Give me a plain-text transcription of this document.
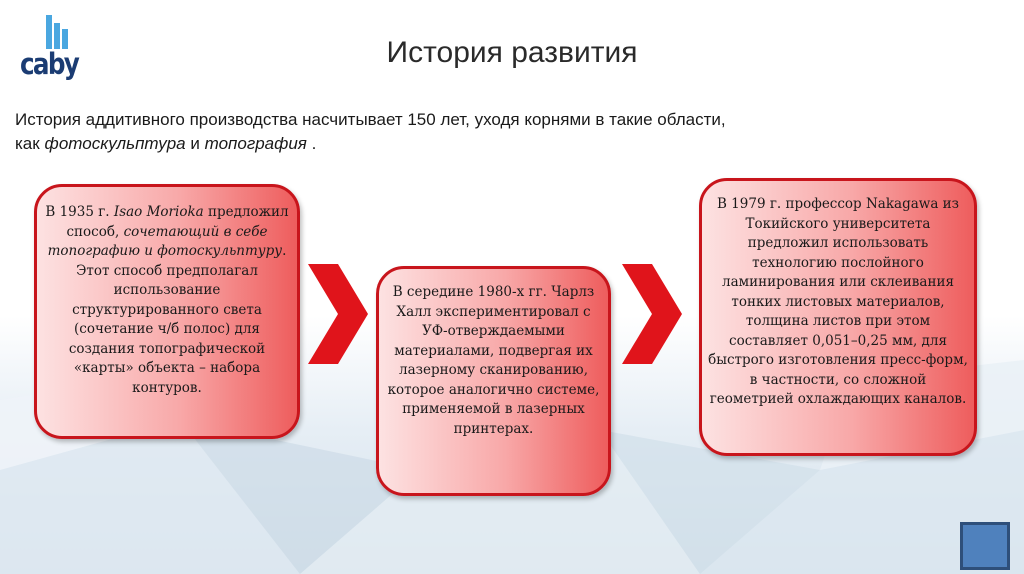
caby	История развития
История аддитивного производства насчитывает 150 лет, уходя корнями в такие области,
как фотоскульптура и топография .
В 1935 г. Isao Morioka предложил способ, сочетающий в себе топографию и фотоскульптуру. Этот способ предполагал использование структурированного света (сочетание ч/б полос) для создания топографической «карты» объекта – набора контуров.
В середине 1980-х гг. Чарлз Халл экспериментировал с УФ-отверждаемыми материалами, подвергая их лазерному сканированию, которое аналогично системе, применяемой в лазерных принтерах.
В 1979 г. профессор Nakagawa из Токийского университета предложил использовать технологию послойного ламинирования или склеивания тонких листовых материалов, толщина листов при этом составляет 0,051–0,25 мм, для быстрого изготовления пресс-форм, в частности, со сложной геометрией охлаждающих каналов.
